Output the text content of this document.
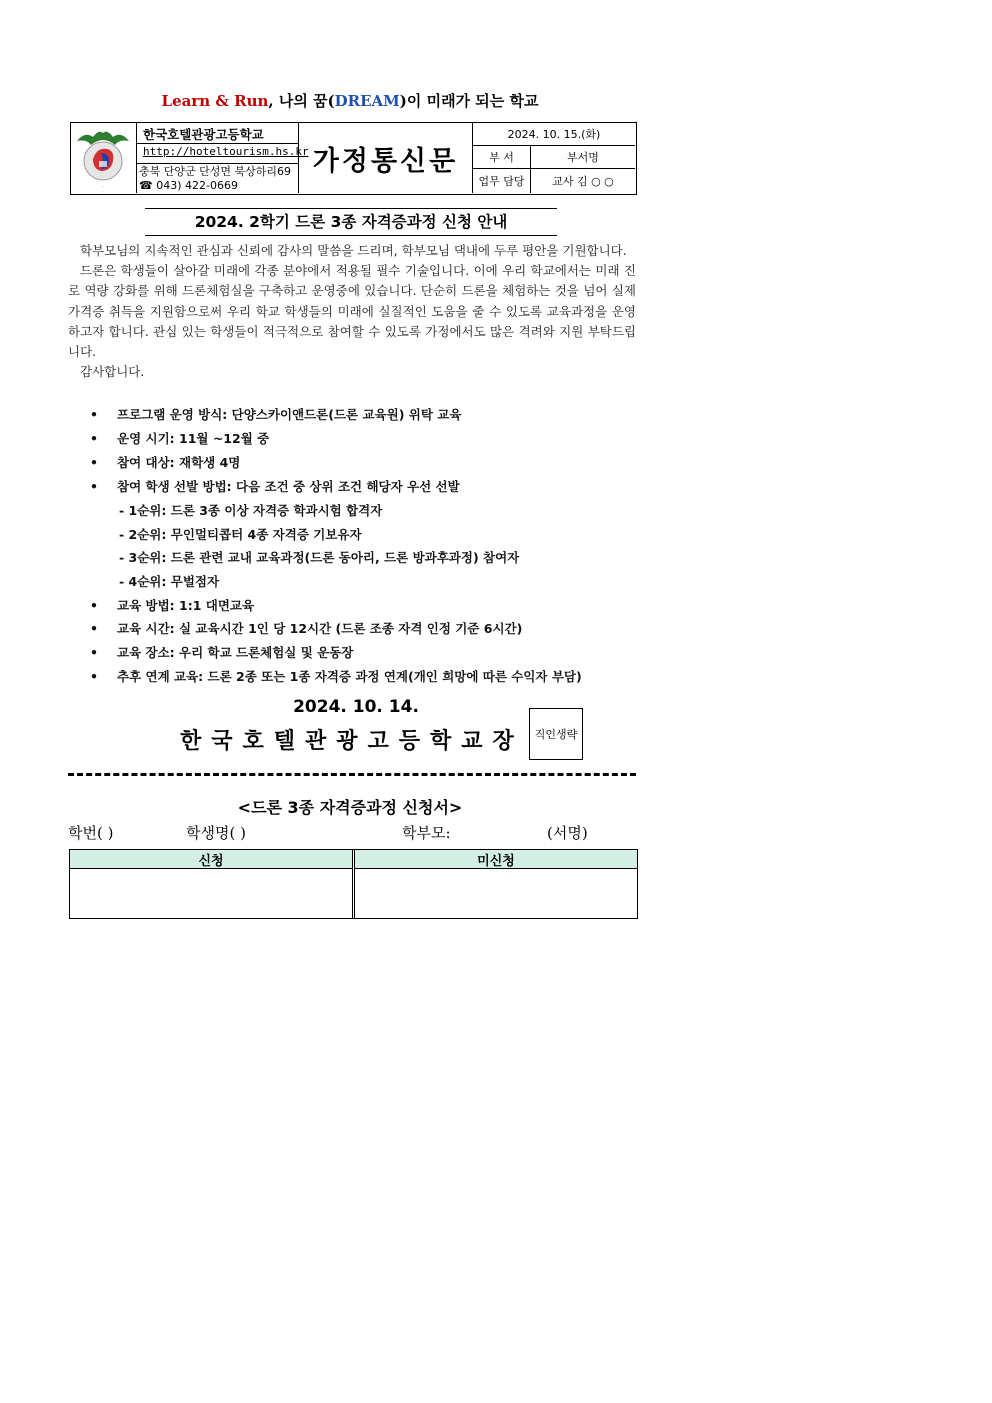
Learn & Run, 나의 꿈(DREAM)이 미래가 되는 학교
.
한국호텔관광고등학교
http://hoteltourism.hs.kr
충북 단양군 단성면 북상하리69
☎ 043) 422-0669
가정통신문
2024. 10. 15.(화)
부 서	부서명
업무 담당	교사 김 ○ ○
2024. 2학기 드론 3종 자격증과정 신청 안내

학부모님의 지속적인 관심과 신뢰에 감사의 말씀을 드리며, 학부모님 댁내에 두루 평안을 기원합니다.

드론은 학생들이 살아갈 미래에 각종 분야에서 적용될 필수 기술입니다. 이에 우리 학교에서는 미래 진로 역량 강화를 위해 드론체험실을 구축하고 운영중에 있습니다. 단순히 드론을 체험하는 것을 넘어 실제 가격증 취득을 지원함으로써 우리 학교 학생들의 미래에 실질적인 도움을 줄 수 있도록 교육과정을 운영하고자 합니다. 관심 있는 학생들이 적극적으로 참여할 수 있도록 가정에서도 많은 격려와 지원 부탁드립니다.

감사합니다.

• 프로그램 운영 방식: 단양스카이앤드론(드론 교육원) 위탁 교육
• 운영 시기: 11월 ~12월 중
• 참여 대상: 재학생 4명
• 참여 학생 선발 방법: 다음 조건 중 상위 조건 해당자 우선 선발
- 1순위: 드론 3종 이상 자격증 학과시험 합격자
- 2순위: 무인멀티콥터 4종 자격증 기보유자
- 3순위: 드론 관련 교내 교육과정(드론 동아리, 드론 방과후과정) 참여자
- 4순위: 무벌점자
• 교육 방법: 1:1 대면교육
• 교육 시간: 실 교육시간 1인 당 12시간 (드론 조종 자격 인정 기준 6시간)
• 교육 장소: 우리 학교 드론체험실 및 운동장
• 추후 연계 교육: 드론 2종 또는 1종 자격증 과정 연계(개인 희망에 따른 수익자 부담)
2024. 10. 14.
한국호텔관광고등학교장 직인생략
<드론 3종 자격증과정 신청서>
학번( )	학생명( )	학부모:	(서명)
신청	미신청
